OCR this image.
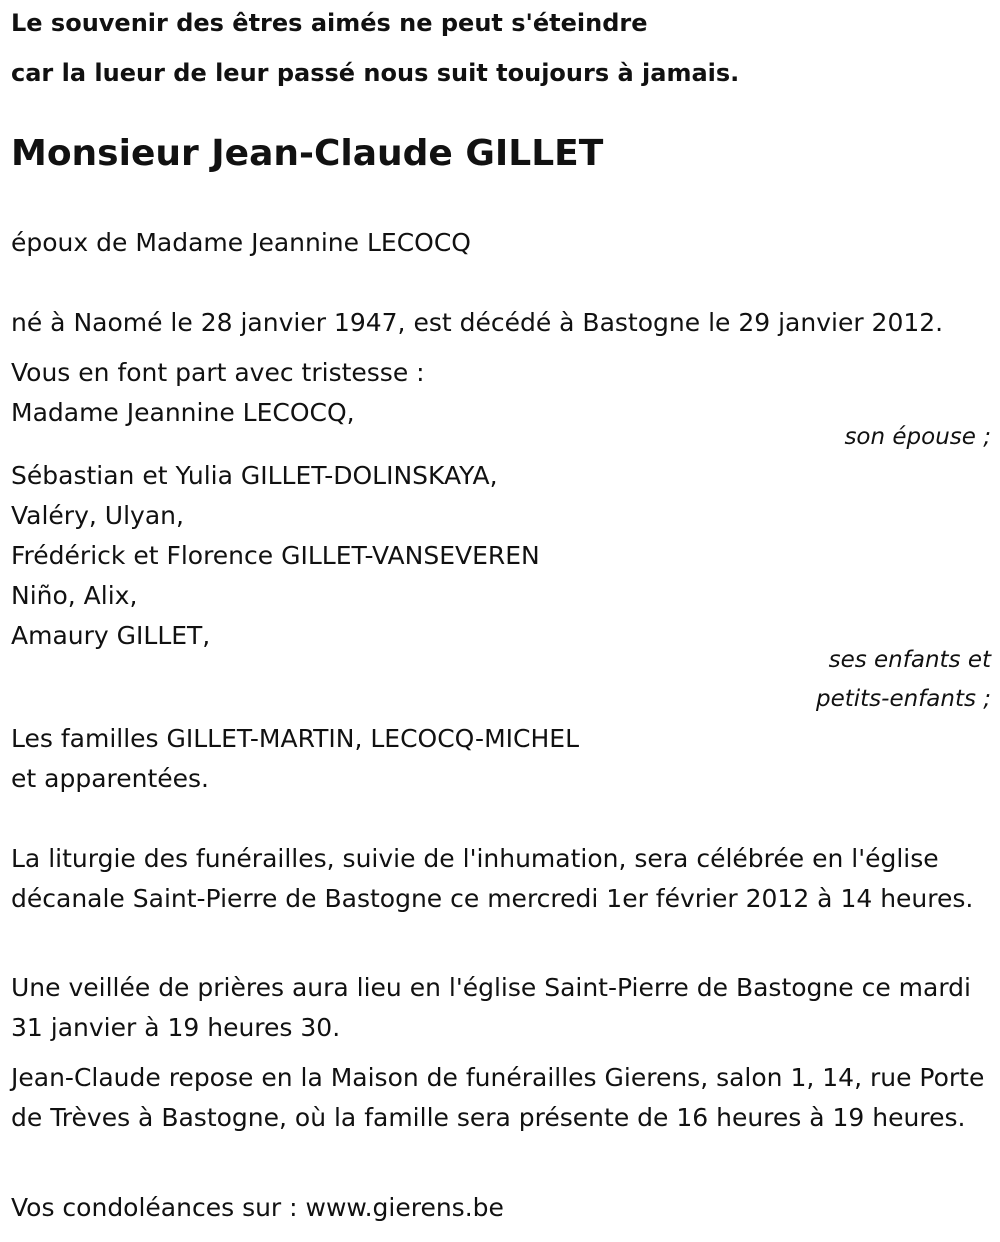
Le souvenir des êtres aimés ne peut s'éteindre

car la lueur de leur passé nous suit toujours à jamais.

Monsieur Jean-Claude GILLET

époux de Madame Jeannine LECOCQ

né à Naomé le 28 janvier 1947, est décédé à Bastogne le 29 janvier 2012.

Vous en font part avec tristesse :

Madame Jeannine LECOCQ,

son épouse ;

Sébastian et Yulia GILLET-DOLINSKAYA,

Valéry, Ulyan,

Frédérick et Florence GILLET-VANSEVEREN

Niño, Alix,

Amaury GILLET,

ses enfants et

petits-enfants ;

Les familles GILLET-MARTIN, LECOCQ-MICHEL

et apparentées.

La liturgie des funérailles, suivie de l'inhumation, sera célébrée en l'église décanale Saint-Pierre de Bastogne ce mercredi 1er février 2012 à 14 heures.

Une veillée de prières aura lieu en l'église Saint-Pierre de Bastogne ce mardi 31 janvier à 19 heures 30.

Jean-Claude repose en la Maison de funérailles Gierens, salon 1, 14, rue Porte de Trèves à Bastogne, où la famille sera présente de 16 heures à 19 heures.

Vos condoléances sur : www.gierens.be
